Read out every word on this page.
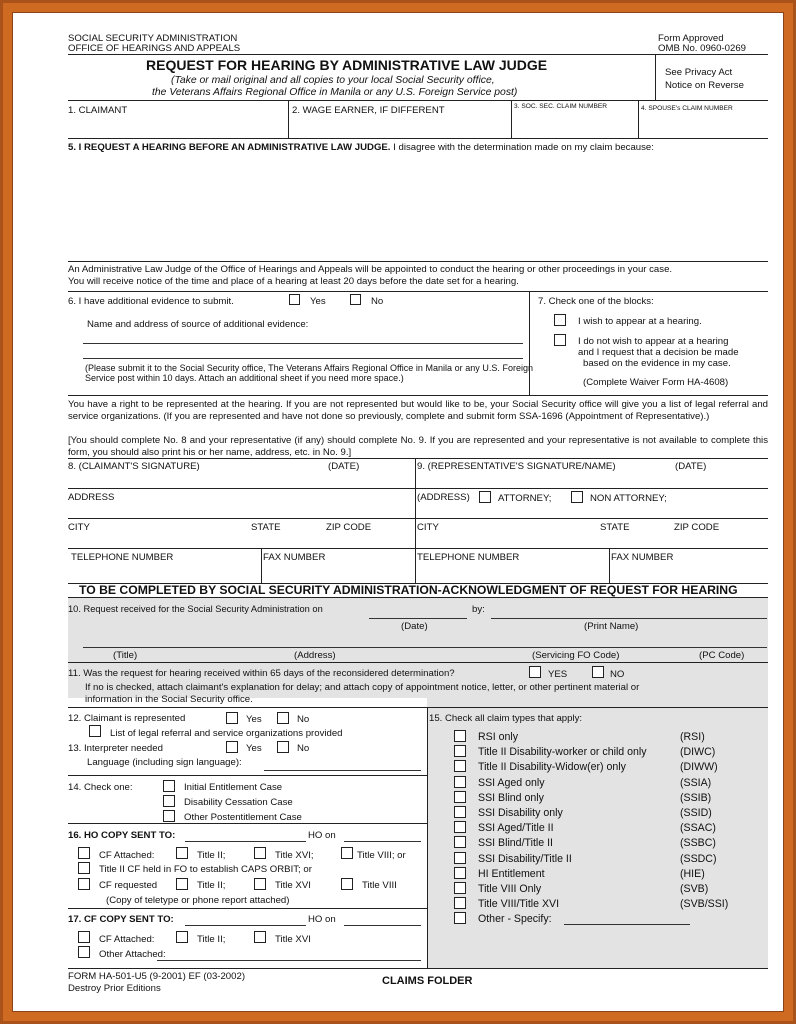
SOCIAL SECURITY ADMINISTRATION
OFFICE OF HEARINGS AND APPEALS
Form Approved
OMB No. 0960-0269
REQUEST FOR HEARING BY ADMINISTRATIVE LAW JUDGE
(Take or mail original and all copies to your local Social Security office,
the Veterans Affairs Regional Office in Manila or any U.S. Foreign Service post)
See Privacy Act
Notice on Reverse
1. CLAIMANT	2. WAGE EARNER, IF DIFFERENT	3. SOC. SEC. CLAIM NUMBER	4. SPOUSE's CLAIM NUMBER
5. I REQUEST A HEARING BEFORE AN ADMINISTRATIVE LAW JUDGE. I disagree with the determination made on my claim because:
An Administrative Law Judge of the Office of Hearings and Appeals will be appointed to conduct the hearing or other proceedings in your case.
You will receive notice of the time and place of a hearing at least 20 days before the date set for a hearing.
6. I have additional evidence to submit.	Yes	No
Name and address of source of additional evidence:
(Please submit it to the Social Security office, The Veterans Affairs Regional Office in Manila or any U.S. Foreign Service post within 10 days. Attach an additional sheet if you need more space.)
7. Check one of the blocks:
I wish to appear at a hearing.
I do not wish to appear at a hearing
and I request that a decision be made
based on the evidence in my case.
(Complete Waiver Form HA-4608)
You have a right to be represented at the hearing. If you are not represented but would like to be, your Social Security office will give you a list of legal referral and service organizations. (If you are represented and have not done so previously, complete and submit form SSA-1696 (Appointment of Representative).)
[You should complete No. 8 and your representative (if any) should complete No. 9. If you are represented and your representative is not available to complete this form, you should also print his or her name, address, etc. in No. 9.]
8. (CLAIMANT'S SIGNATURE)	(DATE)	9. (REPRESENTATIVE'S SIGNATURE/NAME)	(DATE)
ADDRESS	(ADDRESS)	ATTORNEY;	NON ATTORNEY;
CITY	STATE	ZIP CODE	CITY	STATE	ZIP CODE
TELEPHONE NUMBER	FAX NUMBER	TELEPHONE NUMBER	FAX NUMBER
TO BE COMPLETED BY SOCIAL SECURITY ADMINISTRATION-ACKNOWLEDGMENT OF REQUEST FOR HEARING
10. Request received for the Social Security Administration on	by:
(Date)	(Print Name)
(Title)	(Address)	(Servicing FO Code)	(PC Code)
11. Was the request for hearing received within 65 days of the reconsidered determination?	YES	NO
If no is checked, attach claimant's explanation for delay; and attach copy of appointment notice, letter, or other pertinent material or
information in the Social Security office.
12. Claimant is represented	Yes	No
List of legal referral and service organizations provided
13. Interpreter needed	Yes	No
Language (including sign language):
14. Check one:	Initial Entitlement Case
Disability Cessation Case
Other Postentitlement Case
16. HO COPY SENT TO:	HO on
CF Attached:	Title II;	Title XVI;	Title VIII; or
Title II CF held in FO to establish CAPS ORBIT; or
CF requested	Title II;	Title XVI	Title VIII
(Copy of teletype or phone report attached)
17. CF COPY SENT TO:	HO on
CF Attached:	Title II;	Title XVI
Other Attached:
15. Check all claim types that apply:
RSI only	(RSI)
Title II Disability-worker or child only	(DIWC)
Title II Disability-Widow(er) only	(DIWW)
SSI Aged only	(SSIA)
SSI Blind only	(SSIB)
SSI Disability only	(SSID)
SSI Aged/Title II	(SSAC)
SSI Blind/Title II	(SSBC)
SSI Disability/Title II	(SSDC)
HI Entitlement	(HIE)
Title VIII Only	(SVB)
Title VIII/Title XVI	(SVB/SSI)
Other - Specify:
FORM HA-501-U5 (9-2001) EF (03-2002)
Destroy Prior Editions
CLAIMS FOLDER
